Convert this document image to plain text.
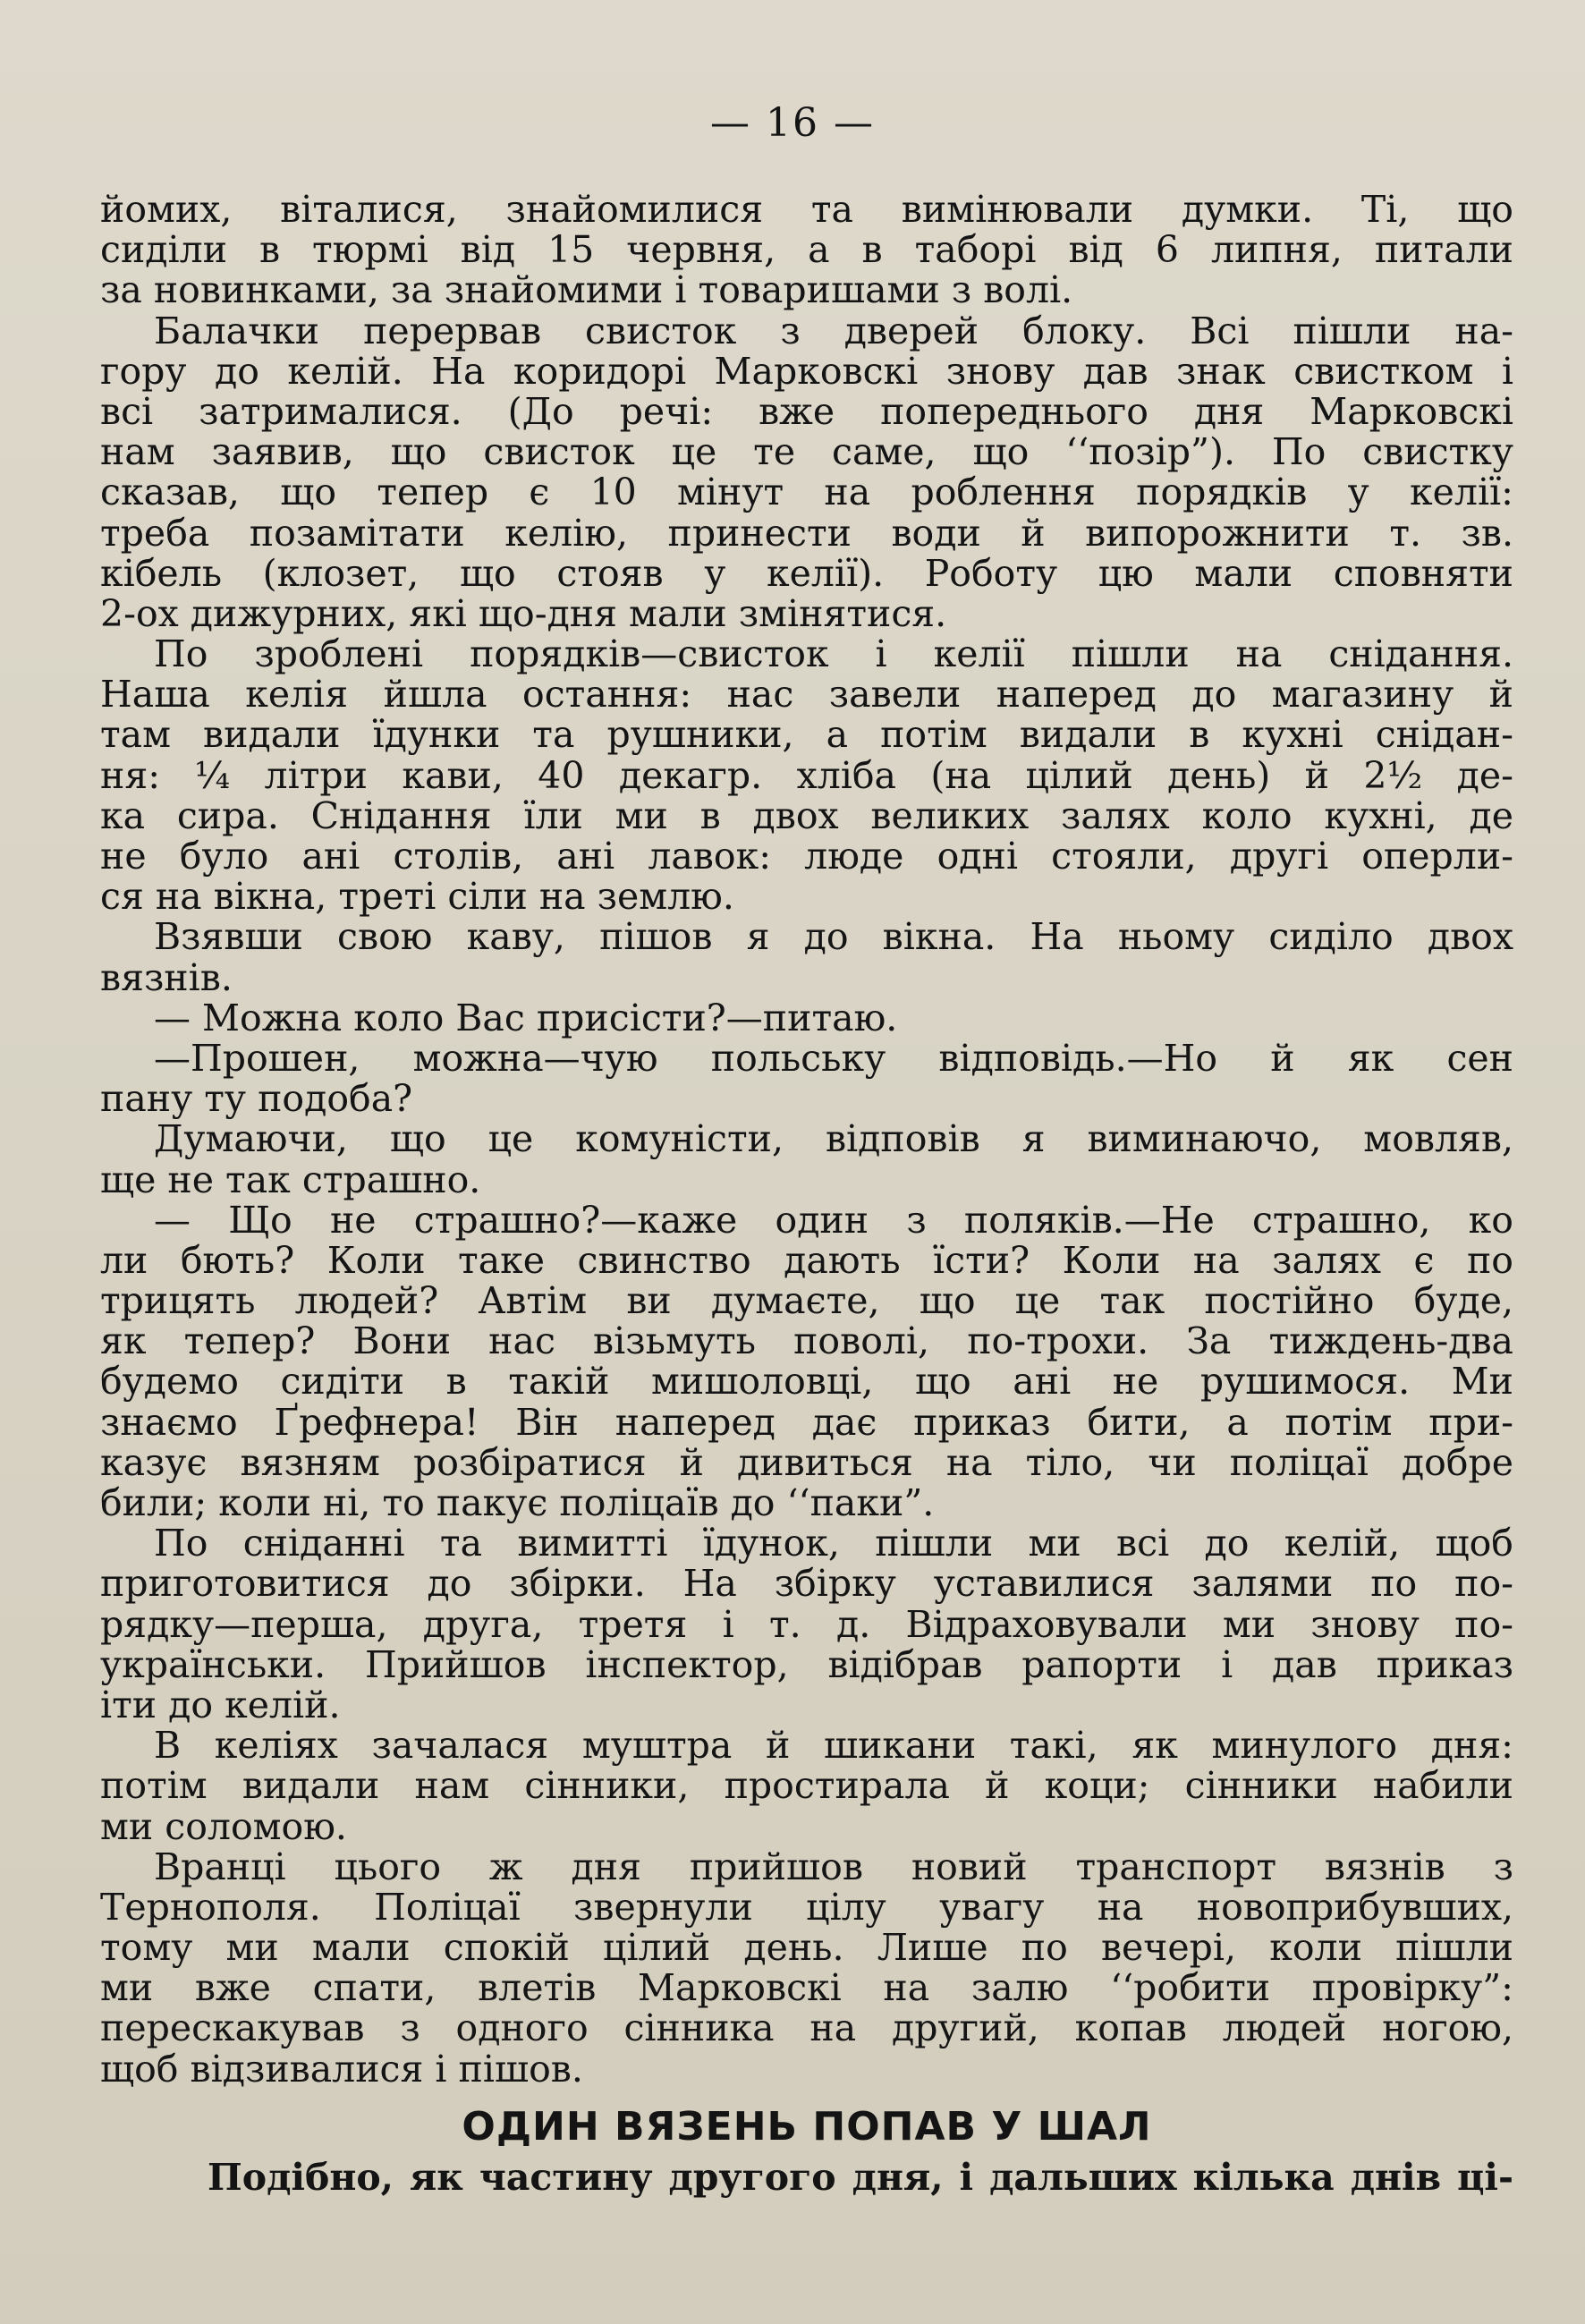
— 16 —
йомих, віталися, знайомилися та вимінювали думки. Ті, що
сиділи в тюрмі від 15 червня, а в таборі від 6 липня, питали
за новинками, за знайомими і товаришами з волі.
Балачки перервав свисток з дверей блоку. Всі пішли на-
гору до келій. На коридорі Марковскі знову дав знак свистком і
всі затрималися. (До речі: вже попереднього дня Марковскі
нам заявив, що свисток це те саме, що ‘‘позір”). По свистку
сказав, що тепер є 10 мінут на роблення порядків у келії:
треба позамітати келію, принести води й випорожнити т. зв.
кібель (клозет, що стояв у келії). Роботу цю мали сповняти
2-ох дижурних, які що-дня мали змінятися.
По зроблені порядків—свисток і келії пішли на снідання.
Наша келія йшла остання: нас завели наперед до магазину й
там видали їдунки та рушники, а потім видали в кухні снідан-
ня: ¼ літри кави, 40 декагр. хліба (на цілий день) й 2½ де-
ка сира. Снідання їли ми в двох великих залях коло кухні, де
не було ані столів, ані лавок: люде одні стояли, другі оперли-
ся на вікна, треті сіли на землю.
Взявши свою каву, пішов я до вікна. На ньому сиділо двох
вязнів.
— Можна коло Вас присісти?—питаю.
—Прошен, можна—чую польську відповідь.—Но й як сен
пану ту подоба?
Думаючи, що це комуністи, відповів я виминаючо, мовляв,
ще не так страшно.
— Що не страшно?—каже один з поляків.—Не страшно, ко
ли бють? Коли таке свинство дають їсти? Коли на залях є по
трицять людей? Автім ви думаєте, що це так постійно буде,
як тепер? Вони нас візьмуть поволі, по-трохи. За тиждень-два
будемо сидіти в такій мишоловці, що ані не рушимося. Ми
знаємо Ґрефнера! Він наперед дає приказ бити, а потім при-
казує вязням розбіратися й дивиться на тіло, чи поліцаї добре
били; коли ні, то пакує поліцаїв до ‘‘паки”.
По сніданні та вимитті їдунок, пішли ми всі до келій, щоб
приготовитися до збірки. На збірку уставилися залями по по-
рядку—перша, друга, третя і т. д. Відраховували ми знову по-
українськи. Прийшов інспектор, відібрав рапорти і дав приказ
іти до келій.
В келіях зачалася муштра й шикани такі, як минулого дня:
потім видали нам сінники, простирала й коци; сінники набили
ми соломою.
Вранці цього ж дня прийшов новий транспорт вязнів з
Тернополя. Поліцаї звернули цілу увагу на новоприбувших,
тому ми мали спокій цілий день. Лише по вечері, коли пішли
ми вже спати, влетів Марковскі на залю ‘‘робити провірку”:
перескакував з одного сінника на другий, копав людей ногою,
щоб відзивалися і пішов.
ОДИН ВЯЗЕНЬ ПОПАВ У ШАЛ
Подібно, як частину другого дня, і дальших кілька днів ці-
